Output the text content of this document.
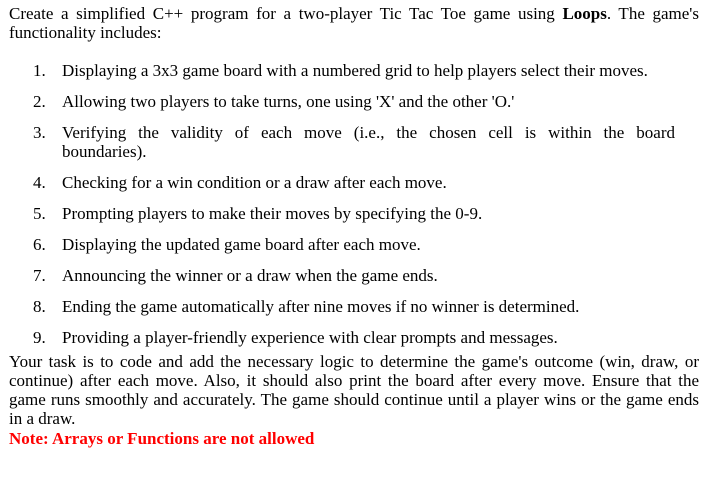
Create a simplified C++ program for a two-player Tic Tac Toe game using Loops. The game's functionality includes:

1. Displaying a 3x3 game board with a numbered grid to help players select their moves.
2. Allowing two players to take turns, one using 'X' and the other 'O.'
3. Verifying the validity of each move (i.e., the chosen cell is within the board boundaries).
4. Checking for a win condition or a draw after each move.
5. Prompting players to make their moves by specifying the 0-9.
6. Displaying the updated game board after each move.
7. Announcing the winner or a draw when the game ends.
8. Ending the game automatically after nine moves if no winner is determined.
9. Providing a player-friendly experience with clear prompts and messages.

Your task is to code and add the necessary logic to determine the game's outcome (win, draw, or continue) after each move. Also, it should also print the board after every move. Ensure that the game runs smoothly and accurately. The game should continue until a player wins or the game ends in a draw.

Note: Arrays or Functions are not allowed
